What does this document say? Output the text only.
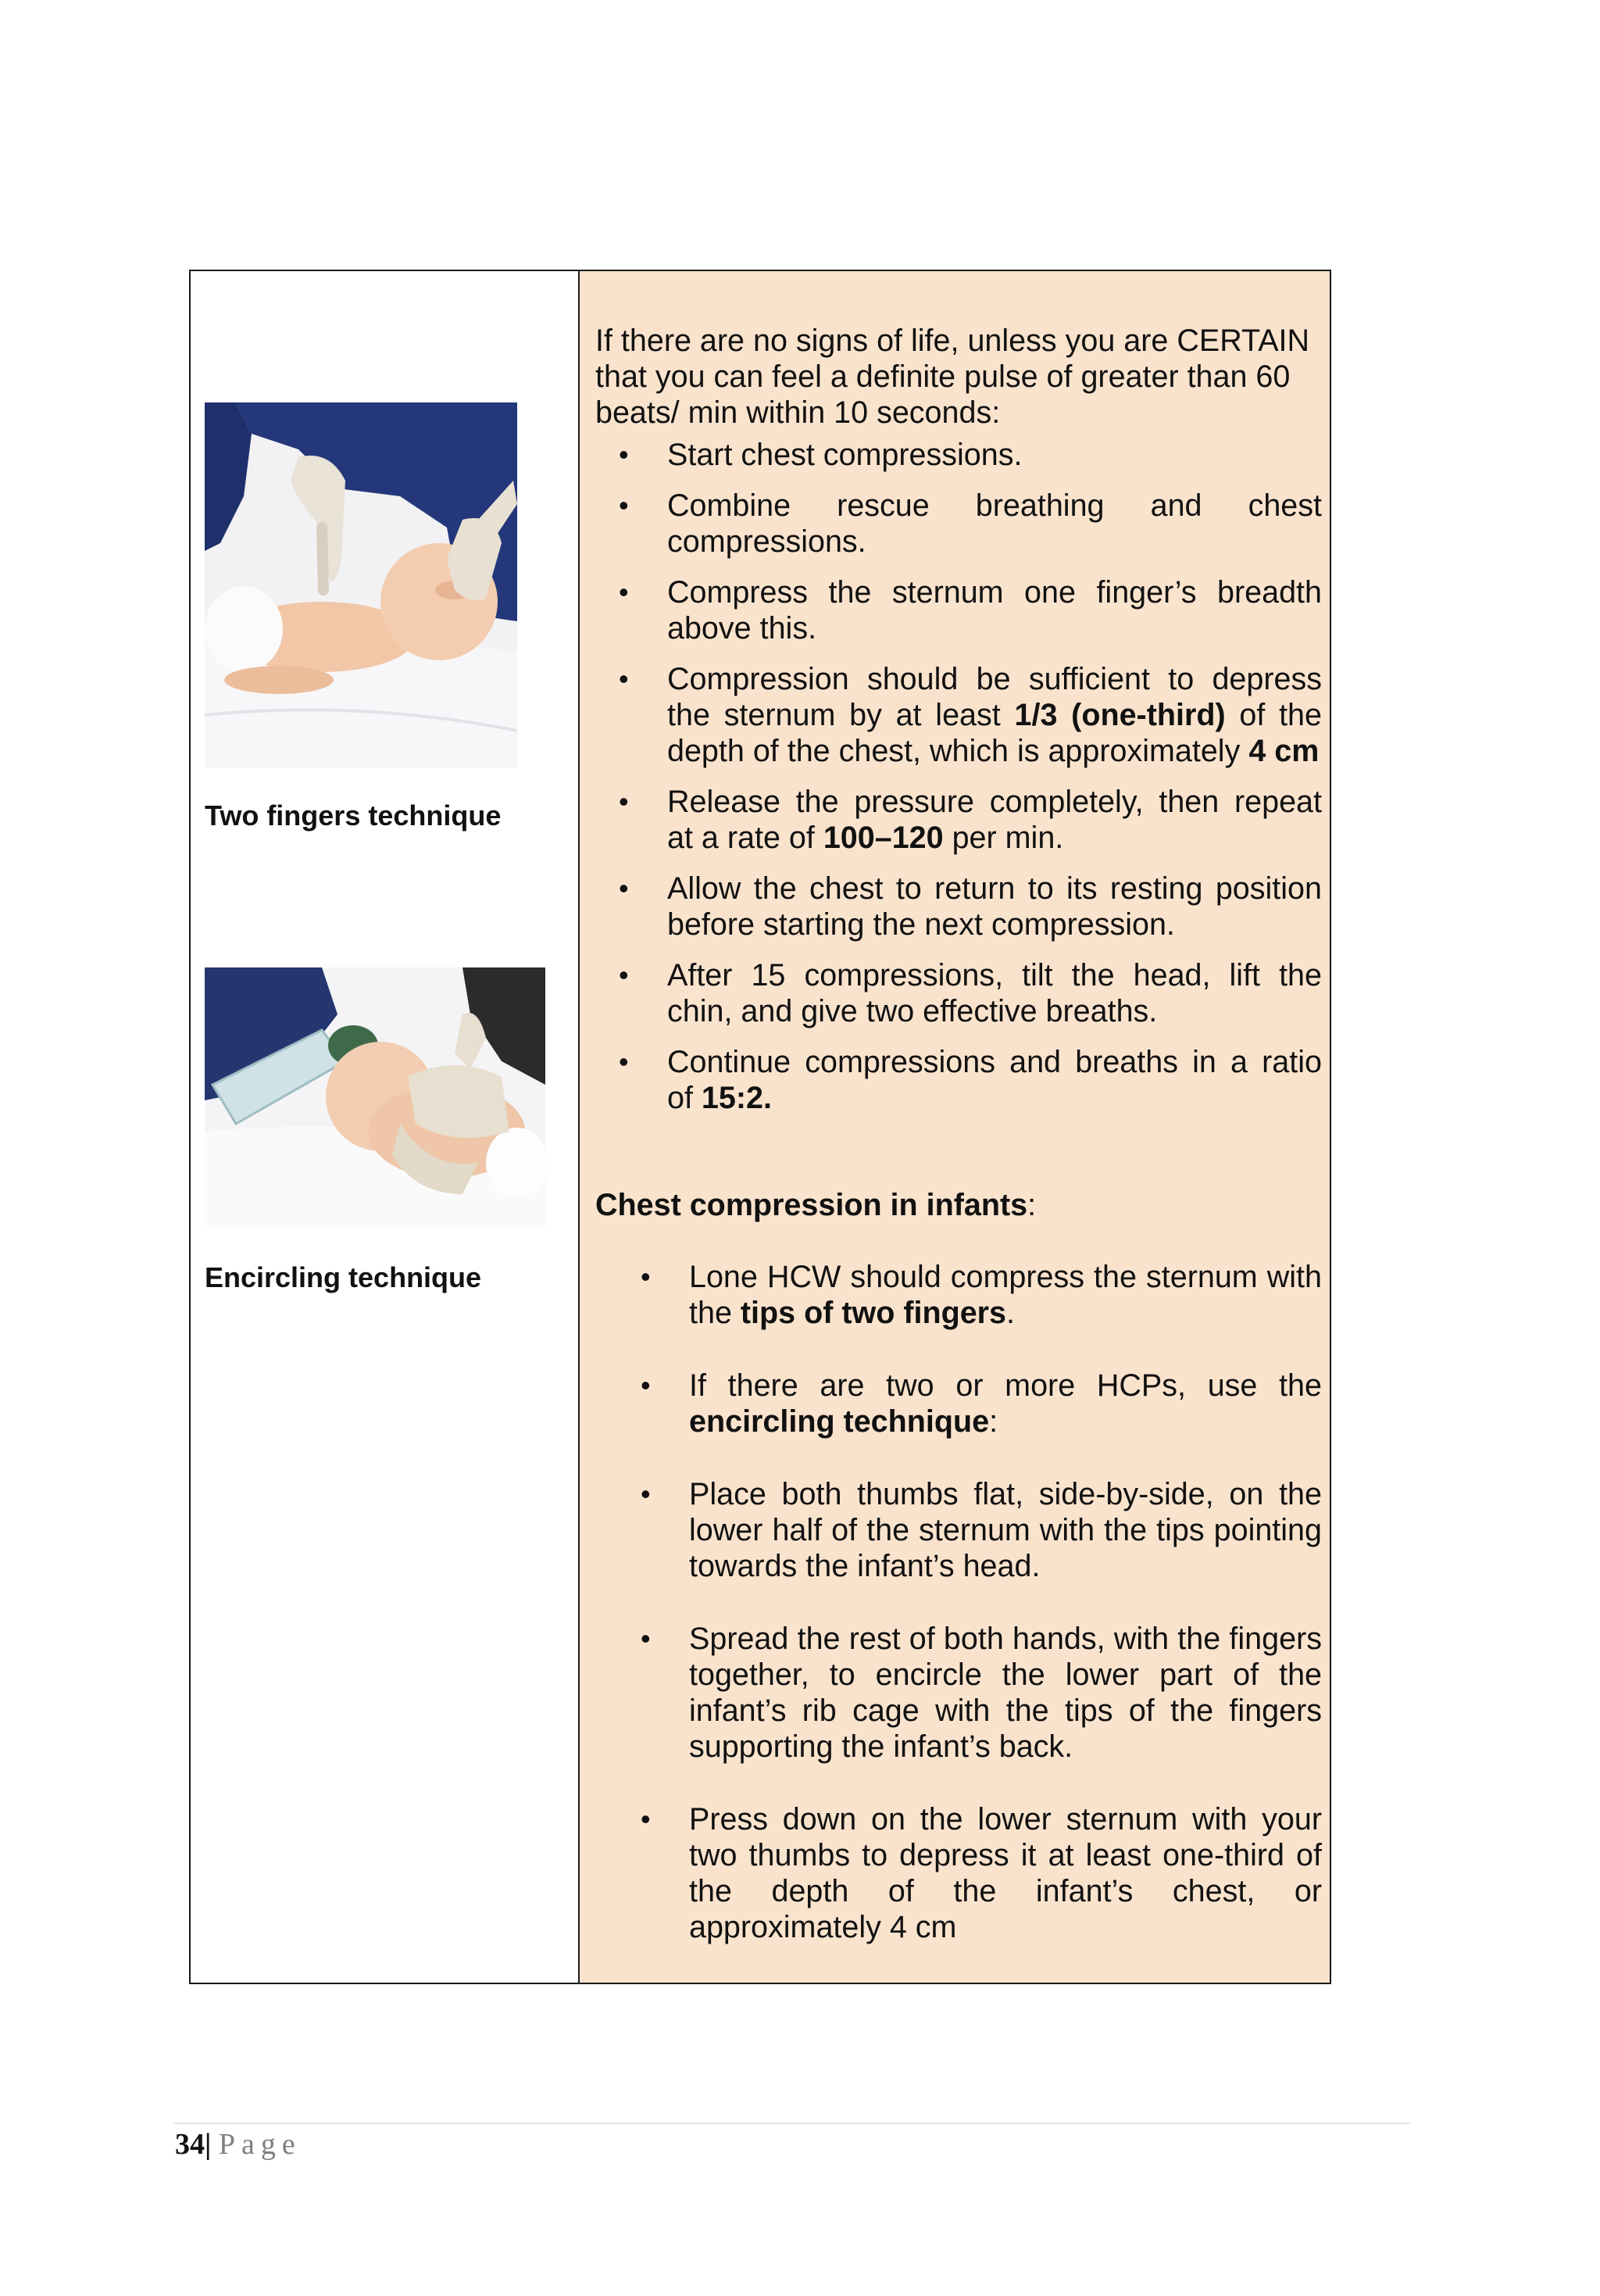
Two fingers technique
Encircling technique
If there are no signs of life, unless you are CERTAIN that you can feel a definite pulse of greater than 60 beats/ min within 10 seconds:
• Start chest compressions.
• Combine rescue breathing and chest compressions.
• Compress the sternum one finger’s breadth above this.
• Compression should be sufficient to depress the sternum by at least 1/3 (one-third) of the depth of the chest, which is approximately 4 cm
• Release the pressure completely, then repeat at a rate of 100–120 per min.
• Allow the chest to return to its resting position before starting the next compression.
• After 15 compressions, tilt the head, lift the chin, and give two effective breaths.
• Continue compressions and breaths in a ratio of 15:2.
Chest compression in infants:
• Lone HCW should compress the sternum with the tips of two fingers.
• If there are two or more HCPs, use the encircling technique:
• Place both thumbs flat, side-by-side, on the lower half of the sternum with the tips pointing towards the infant’s head.
• Spread the rest of both hands, with the fingers together, to encircle the lower part of the infant’s rib cage with the tips of the fingers supporting the infant’s back.
• Press down on the lower sternum with your two thumbs to depress it at least one-third of the depth of the infant’s chest, or approximately 4 cm
34| Page
